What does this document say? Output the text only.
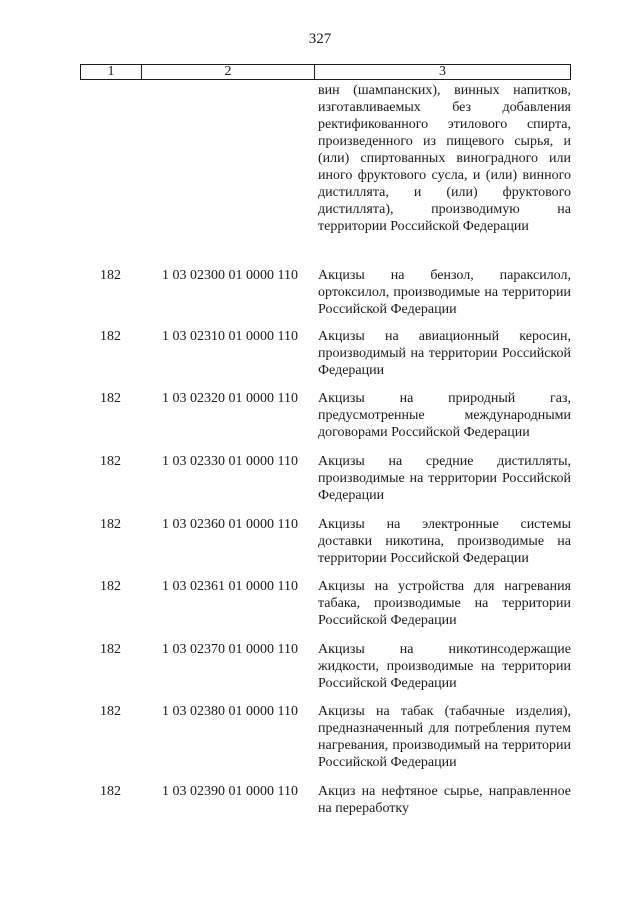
327
1	2	3
вин (шампанских), винных напитков, изготавливаемых без добавления ректификованного этилового спирта, произведенного из пищевого сырья, и (или) спиртованных виноградного или иного фруктового сусла, и (или) винного дистиллята, и (или) фруктового дистиллята), производимую на территории Российской Федерации
182	1 03 02300 01 0000 110	Акцизы на бензол, параксилол, ортоксилол, производимые на территории Российской Федерации
182	1 03 02310 01 0000 110	Акцизы на авиационный керосин, производимый на территории Российской Федерации
182	1 03 02320 01 0000 110	Акцизы на природный газ, предусмотренные международными договорами Российской Федерации
182	1 03 02330 01 0000 110	Акцизы на средние дистилляты, производимые на территории Российской Федерации
182	1 03 02360 01 0000 110	Акцизы на электронные системы доставки никотина, производимые на территории Российской Федерации
182	1 03 02361 01 0000 110	Акцизы на устройства для нагревания табака, производимые на территории Российской Федерации
182	1 03 02370 01 0000 110	Акцизы на никотинсодержащие жидкости, производимые на территории Российской Федерации
182	1 03 02380 01 0000 110	Акцизы на табак (табачные изделия), предназначенный для потребления путем нагревания, производимый на территории Российской Федерации
182	1 03 02390 01 0000 110	Акциз на нефтяное сырье, направленное на переработку
